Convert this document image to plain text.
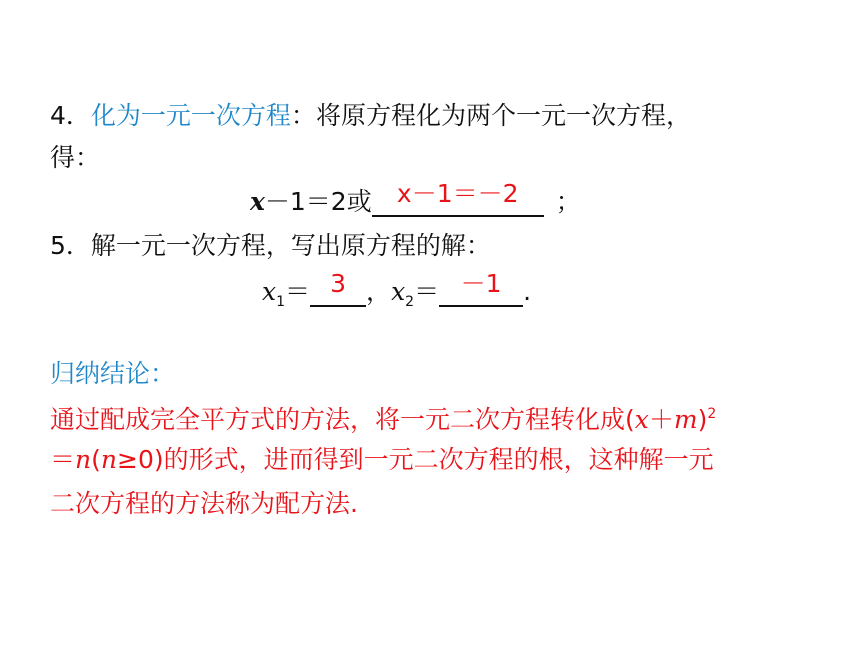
4．化为一元一次方程：将原方程化为两个一元一次方程，
得：
x－1＝2或 x－1＝－2 ；
5．解一元一次方程，写出原方程的解：
$x_1= 3$ ，$x_2= -1$ .
归纳结论：
通过配成完全平方式的方法，将一元二次方程转化成$(x+m)^2$
＝n(n≥0)的形式，进而得到一元二次方程的根，这种解一元
二次方程的方法称为配方法.
